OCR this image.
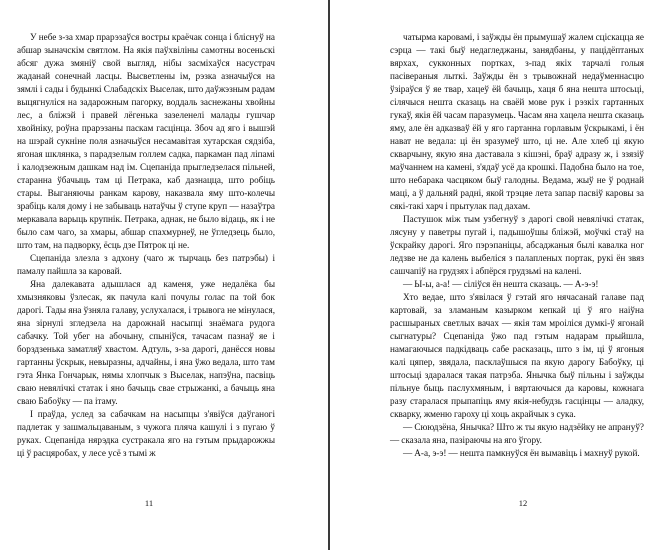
У небе з-за хмар прарэзаўся востры краёчак сонца і бліснуў на абшар зыначскім святлом. На якія паўхвіліны самотны восеньскі абсяг дужа змяніў свой выгляд, нібы засміхаўся насустрач жаданай сонечнай ласцы. Высветлены ім, рэзка азначыўся на зямлі і сады і будынкі Слабадскіх Выселак, што даўжэзным радам выцягнуліся на задарожным пагорку, воддаль заснежаны хвойны лес, а бліжэй і правей лёгенька зазеленелі малады гушчар хвойніку, роўна прарэзаны паскам гасцінца. Збоч ад яго і вышэй на шэрай сукніне поля азначыўся несамавітая хутарская сядзіба, ягоная шклянка, з парадзелым голлем садка, паркаман пад ліпамі і калодзежным дашкам над ім. Сцепаніда прыгледзелася пільней, старанна ўбачыць там ці Петрака, каб дазнацца, што робіць стары. Выганяючы ранкам карову, наказвала яму што-колечы зрабіць каля дому і не забываць натаўчы ў ступе круп — назаўтра меркавала варыць крупнік. Петрака, аднак, не было відаць, як і не было сам чаго, за хмары, абшар спахмурнеў, не ўгледзець было, што там, на падворку, ёсць дзе Пятрок ці не.

Сцепаніда злезла з адхону (чаго ж тырчаць без патрэбы) і памалу пайшла за каровай.

Яна далекавата адышлася ад каменя, уже недалёка бы хмызняковы ўзлесак, як пачула калі почулы голас па той бок дарогі. Тады яна ўзняла галаву, услухалася, і трывога не мінулася, яна зірнулі згледзела на дарожнай насыпці знаёмага рудога сабачку. Той убег на абочыну, спыніўся, тачасам пазнаў яе і борздзенька заматляў хвастом. Адтуль, з-за дарогі, данёсся новы гартанны ўскрык, невыразны, адчайны, і яна ўжо ведала, што там гэта Янка Гончарык, нямы хлопчык з Выселак, напэўна, пасвіць сваю невялічкі статак і яно бачыць свае стрыжанкі, а бачыць яна сваю Бабоўку — па ітаму.

І праўда, услед за сабачкам на насыпцы з'явіўся даўганогі падлетак у зашмальцаваным, з чужога пляча кашулі і з пугаю ў руках. Сцепаніда нярэдка сустракала яго на гэтым прыдарожжы ці ў расцяробах, у лесе усё з тымі ж

11

чатырма каровамі, і заўжды ён прымушаў жалем сціскацца яе сэрца — такі быў недагледжаны, занядбаны, у пацідёптаных вярхах, сукконных портках, з-пад якіх тарчалі голыя пасівераныя лыткі. Заўжды ён з трывожнай недаўменнасцю ўзіраўся ў яе твар, хацеў ёй бачыць, хаця б яна нешта штосьці, сілячыся нешта сказаць на сваёй мове рук і рэзкіх гартанных гукаў, якія ёй часам паразумець. Часам яна хацела нешта сказаць яму, але ён адказваў ёй у яго гартанна горлавым ўскрыкамі, і ён нават не ведала: ці ён зразумеў што, ці не. Але хлеб ці якую скварчыну, якую яна даставала з кішэні, браў адразу ж, і ззязіў маўчаннем на камені, з'ядаў усё да крошкі. Падобна было на тое, што небарака часцяком быў галодны. Ведама, жыў не ў роднай маці, а ў дальняй радні, якой трэцяе лета запар пасвіў каровы за сякі-такі харч і прытулак пад дахам.

Пастушок між тым узбегнуў з дарогі свой невялічкі статак, лясуну у паветры пугай і, падышоўшы бліжэй, моўчкі стаў на ўскрайку дарогі. Яго пэрэпаніцы, абсаджаныя былі кавалка ног ледзве не да калень выбеліся з палапленых портак, рукі ён звяз сашчапіў на грудзях і абпёрся грудзьмі на калені.

— Ы-ы, а-а! — сіліўся ён нешта сказаць. — А-э-э!

Хто ведае, што з'явілася ў гэтай яго нячасанай галаве пад картовай, за зламаным казырком кепкай ці ў яго наіўна расшыраных светлых вачах — якія там мроіліся думкі-ў ягонай сыгнатуры? Сцепаніда ўжо пад гэтым надарам прыйшла, намагаючыся падкідваць сабе расказаць, што з ім, ці ў ягоныя калі цяпер, звядала, пасклаўшыся па якую дарогу Бабоўку, ці штосьці здаралася такая патрэба. Янычка быў пільны і заўжды пільнуе быць паслухмяным, і вяртаючыся да каровы, кожнага разу старалася прыпапіць яму якія-небудзь гасцінцы — аладку, скварку, жменю гароху ці хоць акрайчык з сука.

— Сююдзёна, Янычка? Што ж ты якую надзёйку не апрануў? — сказала яна, пазіраючы на яго ўгору.

— А-а, э-э! — нешта памкнуўся ён вымавіць і махнуў рукой.

12
